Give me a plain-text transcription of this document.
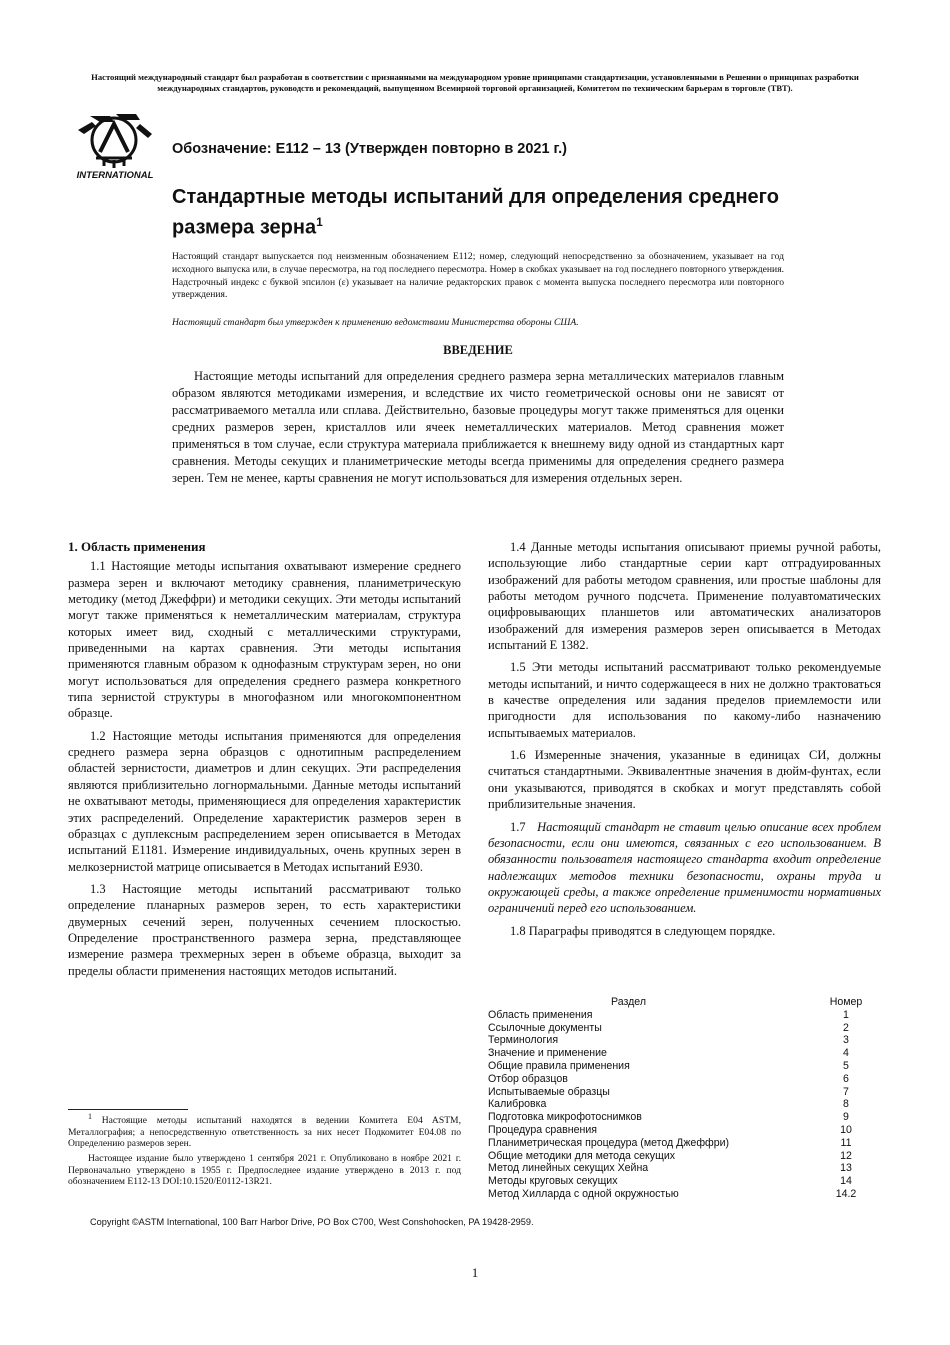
Настоящий международный стандарт был разработан в соответствии с признанными на международном уровне принципами стандартизации, установленными в Решении о принципах разработки международных стандартов, руководств и рекомендаций, выпущенном Всемирной торговой организацией, Комитетом по техническим барьерам в торговле (ТВТ).
INTERNATIONAL
Обозначение: E112 – 13 (Утвержден повторно в 2021 г.)
Стандартные методы испытаний для определения среднего размера зерна$^1$
Настоящий стандарт выпускается под неизменным обозначением E112; номер, следующий непосредственно за обозначением, указывает на год исходного выпуска или, в случае пересмотра, на год последнего пересмотра. Номер в скобках указывает на год последнего повторного утверждения. Надстрочный индекс с буквой эпсилон (ε) указывает на наличие редакторских правок с момента выпуска последнего пересмотра или повторного утверждения.
Настоящий стандарт был утвержден к применению ведомствами Министерства обороны США.
ВВЕДЕНИЕ

Настоящие методы испытаний для определения среднего размера зерна металлических материалов главным образом являются методиками измерения, и вследствие их чисто геометрической основы они не зависят от рассматриваемого металла или сплава. Действительно, базовые процедуры могут также применяться для оценки средних размеров зерен, кристаллов или ячеек неметаллических материалов. Метод сравнения может применяться в том случае, если структура материала приближается к внешнему виду одной из стандартных карт сравнения. Методы секущих и планиметрические методы всегда применимы для определения среднего размера зерен. Тем не менее, карты сравнения не могут использоваться для измерения отдельных зерен.

1. Область применения

1.1 Настоящие методы испытания охватывают измерение среднего размера зерен и включают методику сравнения, планиметрическую методику (метод Джеффри) и методики секущих. Эти методы испытаний могут также применяться к неметаллическим материалам, структура которых имеет вид, сходный с металлическими структурами, приведенными на картах сравнения. Эти методы испытания применяются главным образом к однофазным структурам зерен, но они могут использоваться для определения среднего размера конкретного типа зернистой структуры в многофазном или многокомпонентном образце.

1.2 Настоящие методы испытания применяются для определения среднего размера зерна образцов с однотипным распределением областей зернистости, диаметров и длин секущих. Эти распределения являются приблизительно логнормальными. Данные методы испытаний не охватывают методы, применяющиеся для определения характеристик этих распределений. Определение характеристик размеров зерен в образцах с дуплексным распределением зерен описывается в Методах испытаний E1181. Измерение индивидуальных, очень крупных зерен в мелкозернистой матрице описывается в Методах испытаний E930.

1.3 Настоящие методы испытаний рассматривают только определение планарных размеров зерен, то есть характеристики двумерных сечений зерен, полученных сечением плоскостью. Определение пространственного размера зерна, представляющее измерение размера трехмерных зерен в объеме образца, выходит за пределы области применения настоящих методов испытаний.

1.4 Данные методы испытания описывают приемы ручной работы, использующие либо стандартные серии карт отградуированных изображений для работы методом сравнения, или простые шаблоны для работы методом ручного подсчета. Применение полуавтоматических оцифровывающих планшетов или автоматических анализаторов изображений для измерения размеров зерен описывается в Методах испытаний E 1382.

1.5 Эти методы испытаний рассматривают только рекомендуемые методы испытаний, и ничто содержащееся в них не должно трактоваться в качестве определения или задания пределов приемлемости или пригодности для использования по какому-либо назначению испытываемых материалов.

1.6 Измеренные значения, указанные в единицах СИ, должны считаться стандартными. Эквивалентные значения в дюйм-фунтах, если они указываются, приводятся в скобках и могут представлять собой приблизительные значения.

1.7 Настоящий стандарт не ставит целью описание всех проблем безопасности, если они имеются, связанных с его использованием. В обязанности пользователя настоящего стандарта входит определение надлежащих методов техники безопасности, охраны труда и окружающей среды, а также определение применимости нормативных ограничений перед его использованием.

1.8 Параграфы приводятся в следующем порядке.

Раздел	Номер
Область применения	1
Ссылочные документы	2
Терминология	3
Значение и применение	4
Общие правила применения	5
Отбор образцов	6
Испытываемые образцы	7
Калибровка	8
Подготовка микрофотоснимков	9
Процедура сравнения	10
Планиметрическая процедура (метод Джеффри)	11
Общие методики для метода секущих	12
Метод линейных секущих Хейна	13
Методы круговых секущих	14
Метод Хилларда с одной окружностью	14.2

$^1$ Настоящие методы испытаний находятся в ведении Комитета E04 ASTM, Металлография; а непосредственную ответственность за них несет Подкомитет E04.08 по Определению размеров зерен.

Настоящее издание было утверждено 1 сентября 2021 г. Опубликовано в ноябре 2021 г. Первоначально утверждено в 1955 г. Предпоследнее издание утверждено в 2013 г. под обозначением E112-13 DOI:10.1520/E0112-13R21.

Copyright ©ASTM International, 100 Barr Harbor Drive, PO Box C700, West Conshohocken, PA 19428-2959.
1
